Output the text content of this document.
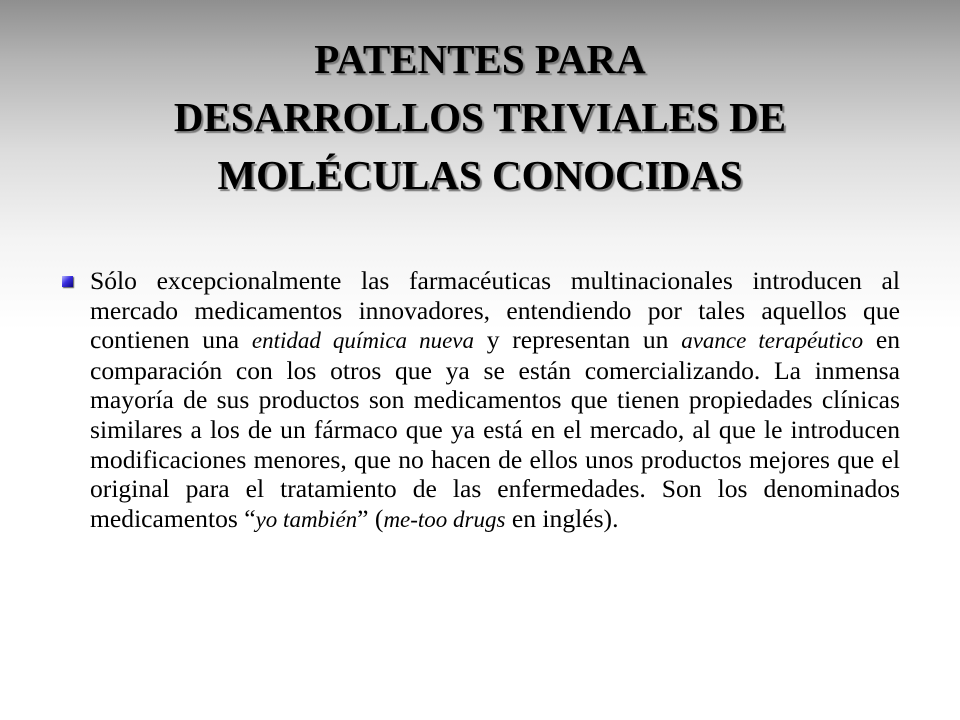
PATENTES PARA
DESARROLLOS TRIVIALES DE
MOLÉCULAS CONOCIDAS

Sólo excepcionalmente las farmacéuticas multinacionales introducen al mercado medicamentos innovadores, entendiendo por tales aquellos que contienen una entidad química nueva y representan un avance terapéutico en comparación con los otros que ya se están comercializando. La inmensa mayoría de sus productos son medicamentos que tienen propiedades clínicas similares a los de un fármaco que ya está en el mercado, al que le introducen modificaciones menores, que no hacen de ellos unos productos mejores que el original para el tratamiento de las enfermedades. Son los denominados medicamentos “yo también” (me-too drugs en inglés).
